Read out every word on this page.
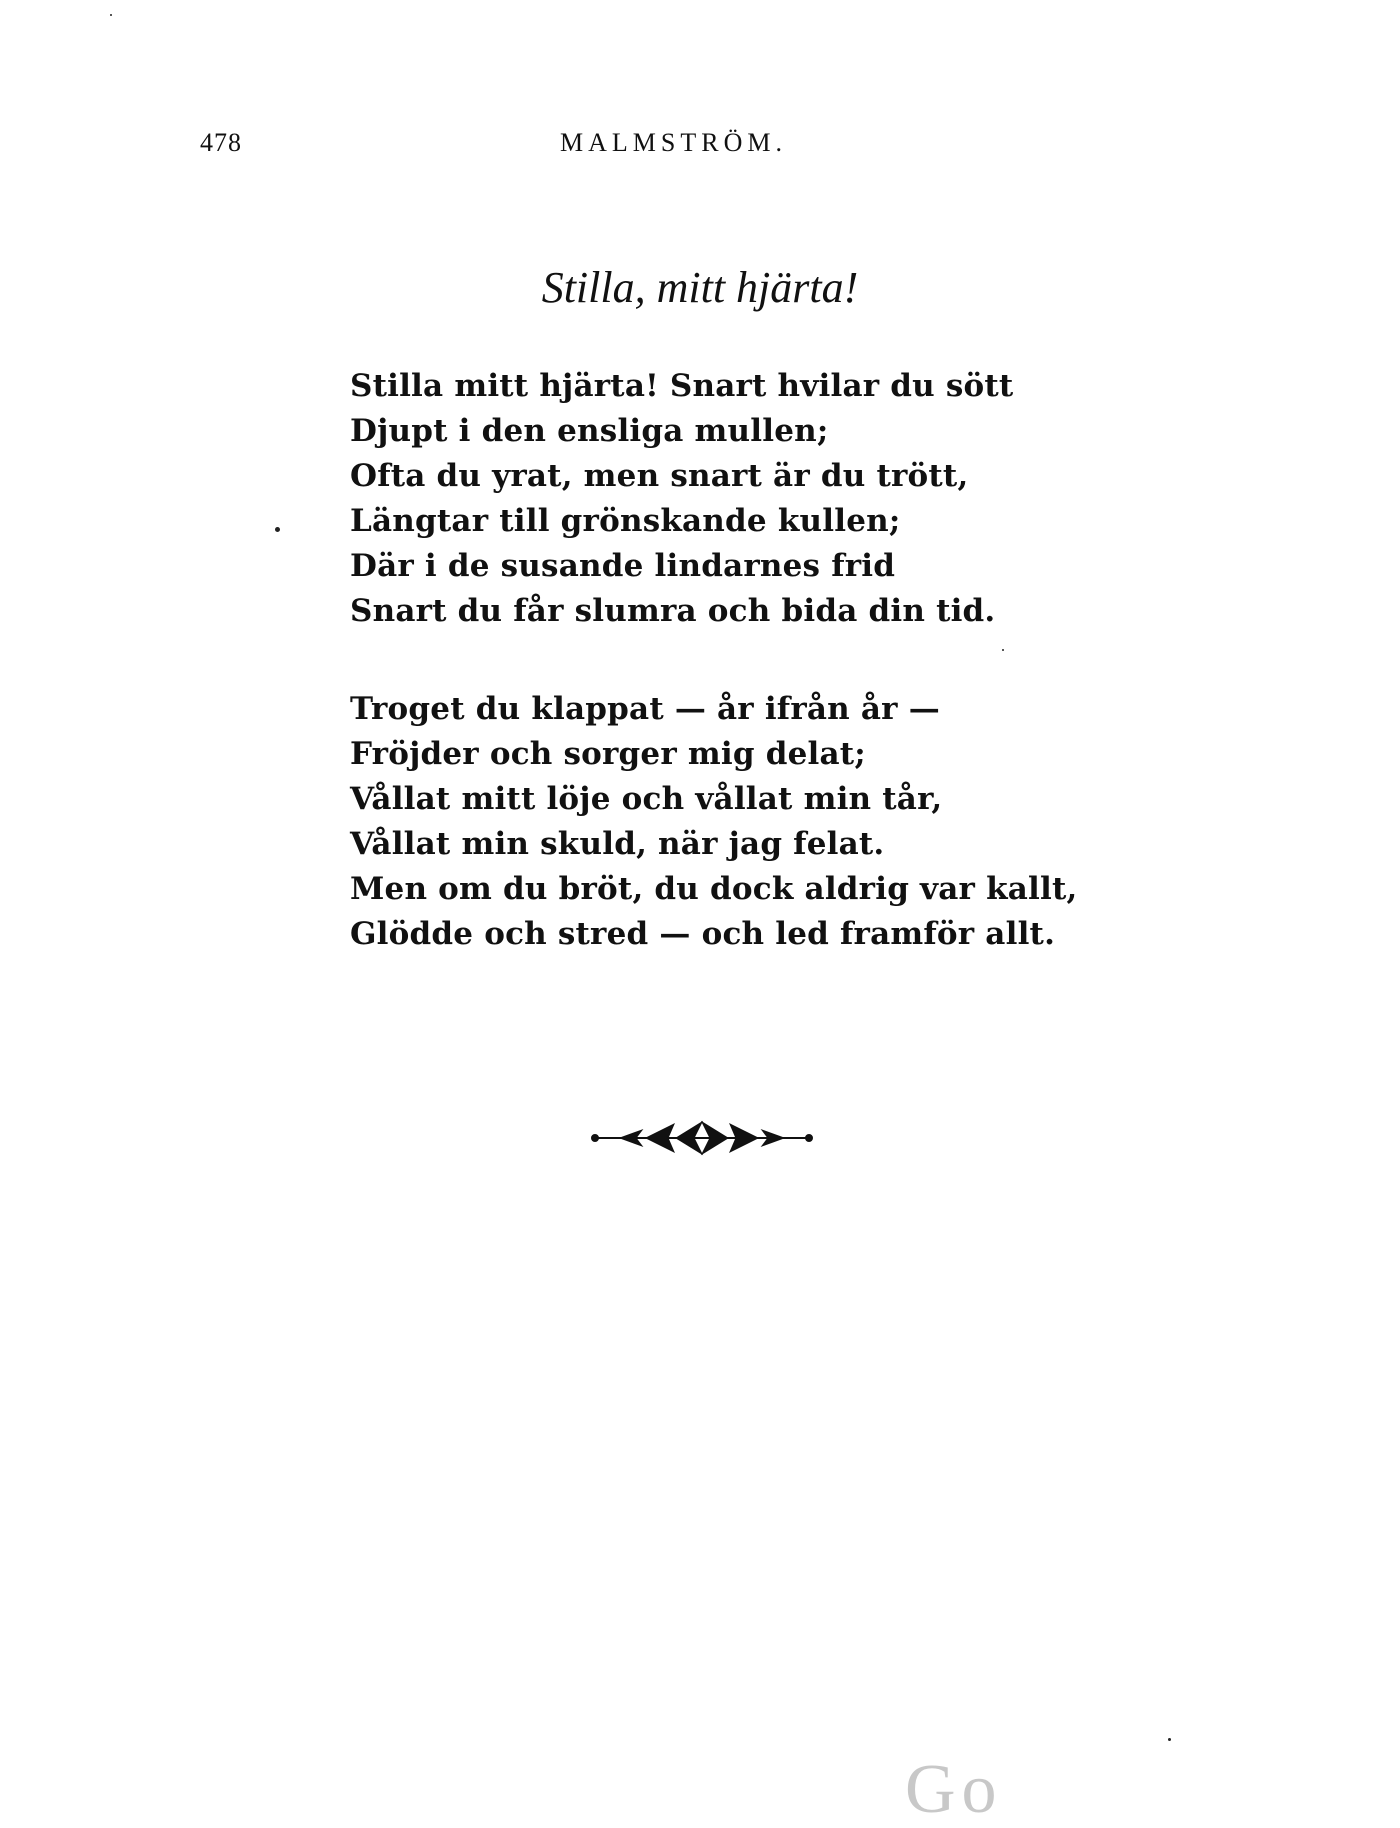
478	MALMSTRÖM.
Stilla, mitt hjärta!
Stilla mitt hjärta! Snart hvilar du sött
Djupt i den ensliga mullen;
Ofta du yrat, men snart är du trött,
Längtar till grönskande kullen;
Där i de susande lindarnes frid
Snart du får slumra och bida din tid.
Troget du klappat — år ifrån år —
Fröjder och sorger mig delat;
Vållat mitt löje och vållat min tår,
Vållat min skuld, när jag felat.
Men om du bröt, du dock aldrig var kallt,
Glödde och stred — och led framför allt.
Go
